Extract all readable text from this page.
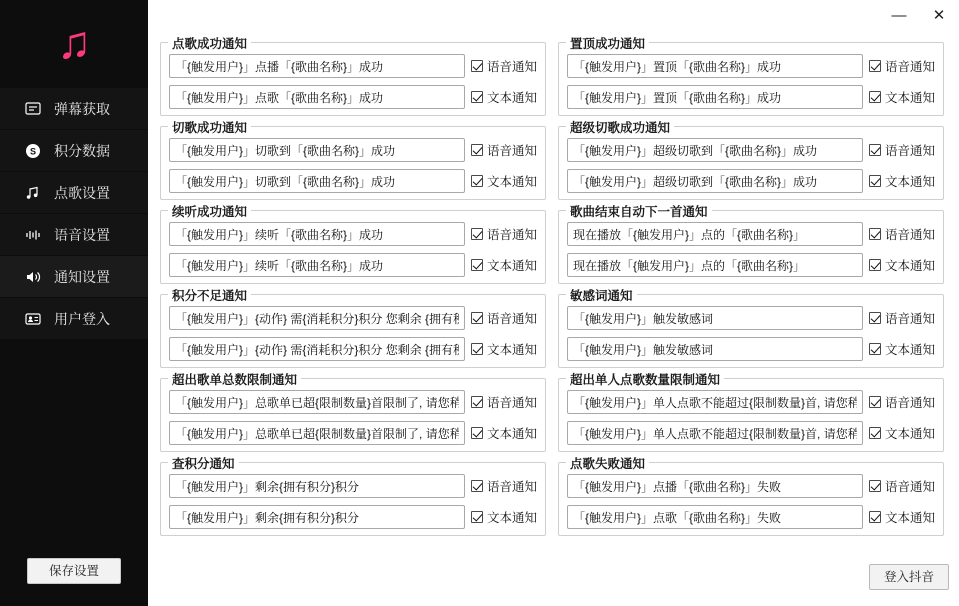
♫
弹幕获取
S 积分数据
点歌设置
语音设置
通知设置
用户登入
保存设置
—	✕
点歌成功通知
「{触发用户}」点播「{歌曲名称}」成功
语音通知
「{触发用户}」点歌「{歌曲名称}」成功
文本通知
置顶成功通知
「{触发用户}」置顶「{歌曲名称}」成功
语音通知
「{触发用户}」置顶「{歌曲名称}」成功
文本通知
切歌成功通知
「{触发用户}」切歌到「{歌曲名称}」成功
语音通知
「{触发用户}」切歌到「{歌曲名称}」成功
文本通知
超级切歌成功通知
「{触发用户}」超级切歌到「{歌曲名称}」成功
语音通知
「{触发用户}」超级切歌到「{歌曲名称}」成功
文本通知
续听成功通知
「{触发用户}」续听「{歌曲名称}」成功
语音通知
「{触发用户}」续听「{歌曲名称}」成功
文本通知
歌曲结束自动下一首通知
现在播放「{触发用户}」点的「{歌曲名称}」
语音通知
现在播放「{触发用户}」点的「{歌曲名称}」
文本通知
积分不足通知
「{触发用户}」{动作} 需{消耗积分}积分 您剩余 {拥有积分}积分
语音通知
「{触发用户}」{动作} 需{消耗积分}积分 您剩余 {拥有积分}积分
文本通知
敏感词通知
「{触发用户}」触发敏感词
语音通知
「{触发用户}」触发敏感词
文本通知
超出歌单总数限制通知
「{触发用户}」总歌单已超{限制数量}首限制了, 请您稍后再点歌
语音通知
「{触发用户}」总歌单已超{限制数量}首限制了, 请您稍后再点歌
文本通知
超出单人点歌数量限制通知
「{触发用户}」单人点歌不能超过{限制数量}首, 请您稍后再点歌
语音通知
「{触发用户}」单人点歌不能超过{限制数量}首, 请您稍后再点歌
文本通知
查积分通知
「{触发用户}」剩余{拥有积分}积分
语音通知
「{触发用户}」剩余{拥有积分}积分
文本通知
点歌失败通知
「{触发用户}」点播「{歌曲名称}」失败
语音通知
「{触发用户}」点歌「{歌曲名称}」失败
文本通知
登入抖音
